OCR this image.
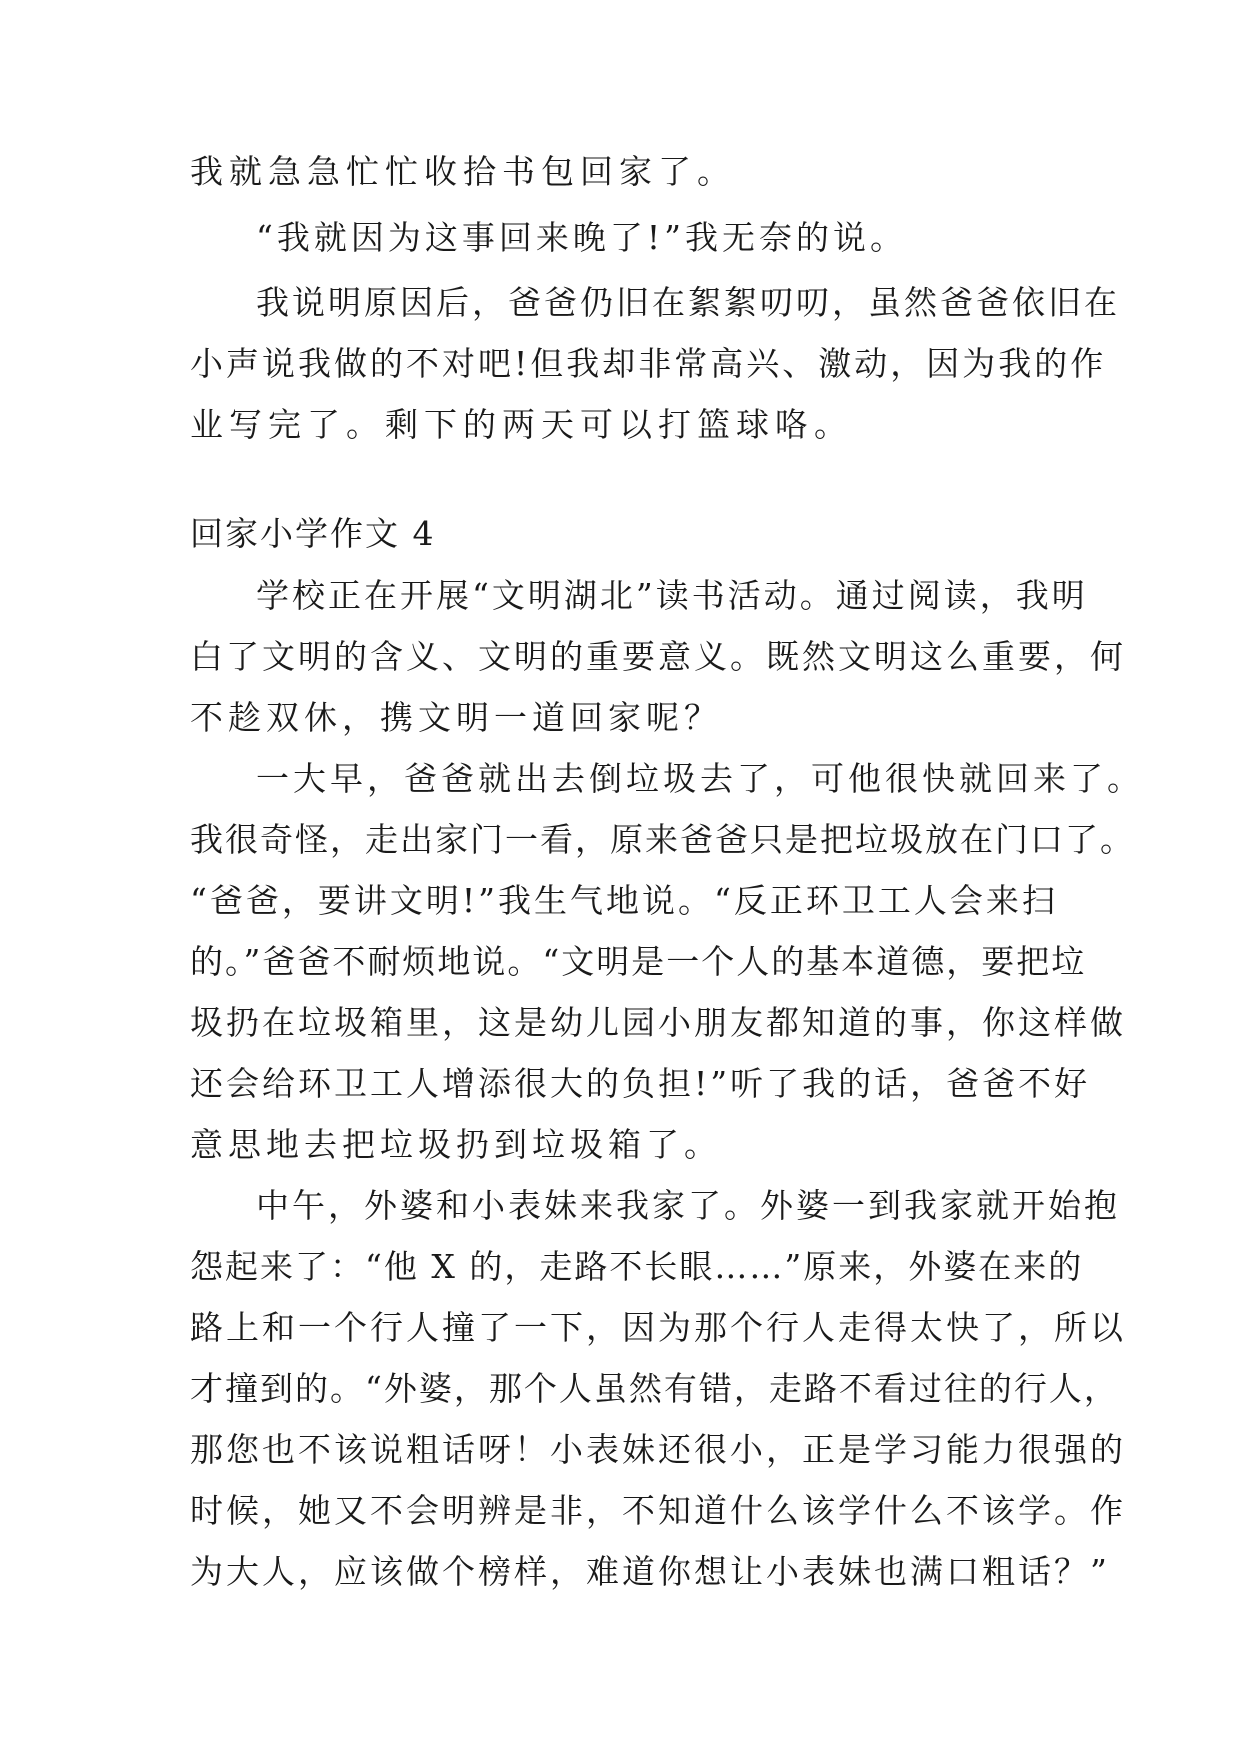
我就急急忙忙收拾书包回家了。
“我就因为这事回来晚了!”我无奈的说。
我说明原因后，爸爸仍旧在絮絮叨叨，虽然爸爸依旧在
小声说我做的不对吧!但我却非常高兴、激动，因为我的作
业写完了。剩下的两天可以打篮球咯。
回家小学作文 4
学校正在开展“文明湖北”读书活动。通过阅读，我明
白了文明的含义、文明的重要意义。既然文明这么重要，何
不趁双休，携文明一道回家呢？
一大早，爸爸就出去倒垃圾去了，可他很快就回来了。
我很奇怪，走出家门一看，原来爸爸只是把垃圾放在门口了。
“爸爸，要讲文明!”我生气地说。“反正环卫工人会来扫
的。”爸爸不耐烦地说。“文明是一个人的基本道德，要把垃
圾扔在垃圾箱里，这是幼儿园小朋友都知道的事，你这样做
还会给环卫工人增添很大的负担!”听了我的话，爸爸不好
意思地去把垃圾扔到垃圾箱了。
中午，外婆和小表妹来我家了。外婆一到我家就开始抱
怨起来了：“他 X 的，走路不长眼……”原来，外婆在来的
路上和一个行人撞了一下，因为那个行人走得太快了，所以
才撞到的。“外婆，那个人虽然有错，走路不看过往的行人，
那您也不该说粗话呀！小表妹还很小，正是学习能力很强的
时候，她又不会明辨是非，不知道什么该学什么不该学。作
为大人，应该做个榜样，难道你想让小表妹也满口粗话？”
